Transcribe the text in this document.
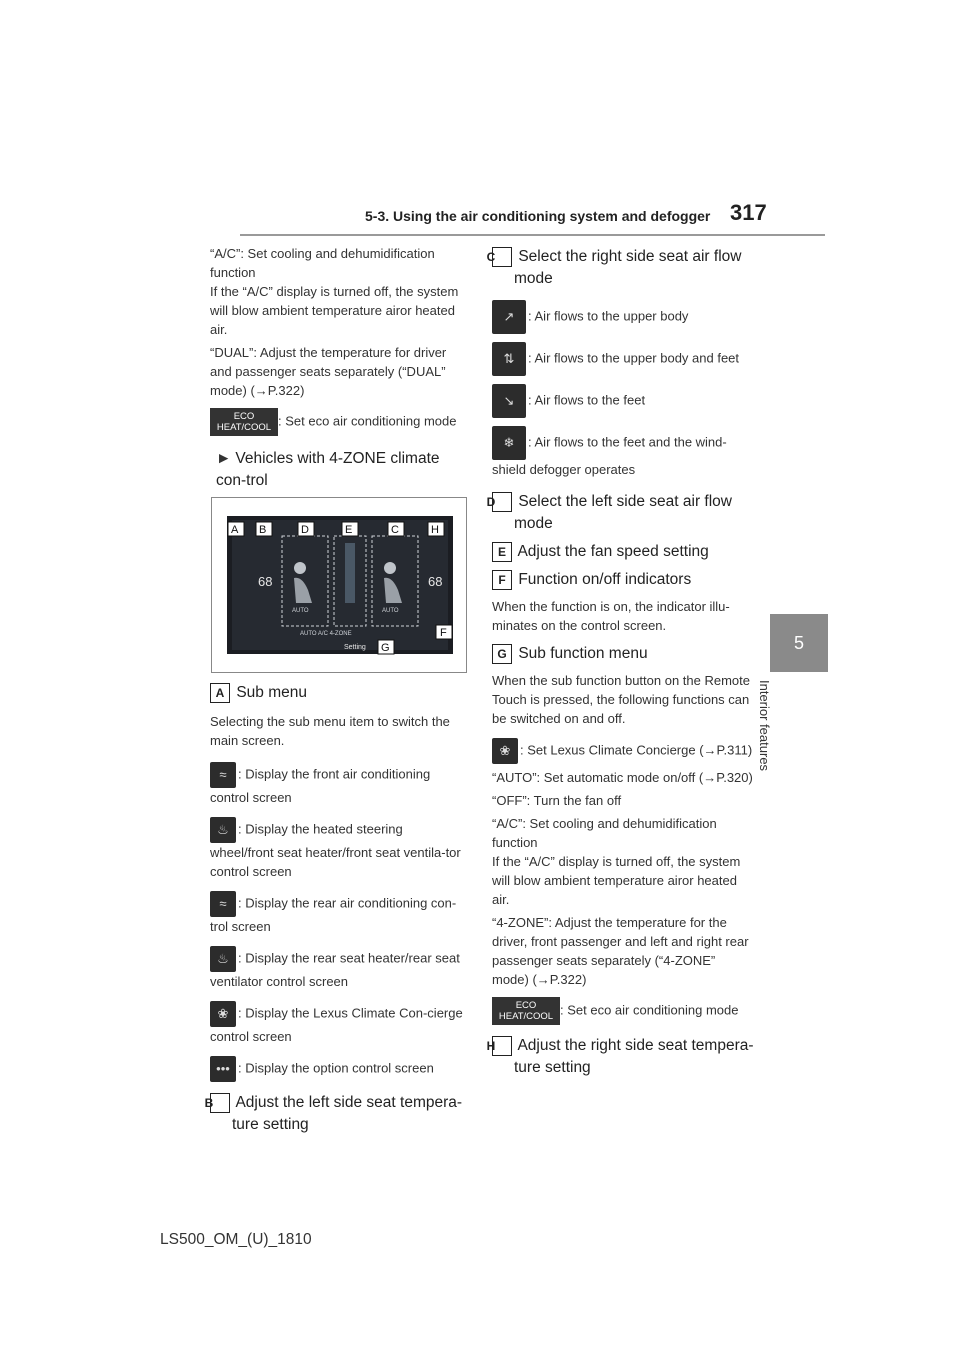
5-3. Using the air conditioning system and defogger 317
5
Interior features

“A/C”: Set cooling and dehumidification function

If the “A/C” display is turned off, the system will blow ambient temperature airor heated air.

“DUAL”: Adjust the temperature for driver and passenger seats separately (“DUAL” mode) (→P.322)

ECO HEAT/COOL : Set eco air conditioning mode

► Vehicles with 4-ZONE climate con-trol

68	68
AUTO	AUTO
AUTO A/C 4-ZONE
Setting
A B	D	E	C	H
F
G

A Sub menu

Selecting the sub menu item to switch the main screen.

≈ : Display the front air conditioning control screen

♨ : Display the heated steering wheel/front seat heater/front seat ventila-tor control screen

≈ : Display the rear air conditioning con-trol screen

♨ : Display the rear seat heater/rear seat ventilator control screen

❀ : Display the Lexus Climate Con-cierge control screen

••• : Display the option control screen

B Adjust the left side seat tempera-ture setting

C Select the right side seat air flow mode

↗ : Air flows to the upper body

⇅ : Air flows to the upper body and feet

↘ : Air flows to the feet

❄ : Air flows to the feet and the wind-shield defogger operates

D Select the left side seat air flow mode

E Adjust the fan speed setting

F Function on/off indicators

When the function is on, the indicator illu-minates on the control screen.

G Sub function menu

When the sub function button on the Remote Touch is pressed, the following functions can be switched on and off.

❀ : Set Lexus Climate Concierge (→P.311)

“AUTO”: Set automatic mode on/off (→P.320)

“OFF”: Turn the fan off

“A/C”: Set cooling and dehumidification function

If the “A/C” display is turned off, the system will blow ambient temperature airor heated air.

“4-ZONE”: Adjust the temperature for the driver, front passenger and left and right rear passenger seats separately (“4-ZONE” mode) (→P.322)

ECO HEAT/COOL : Set eco air conditioning mode

H Adjust the right side seat tempera-ture setting

LS500_OM_(U)_1810
